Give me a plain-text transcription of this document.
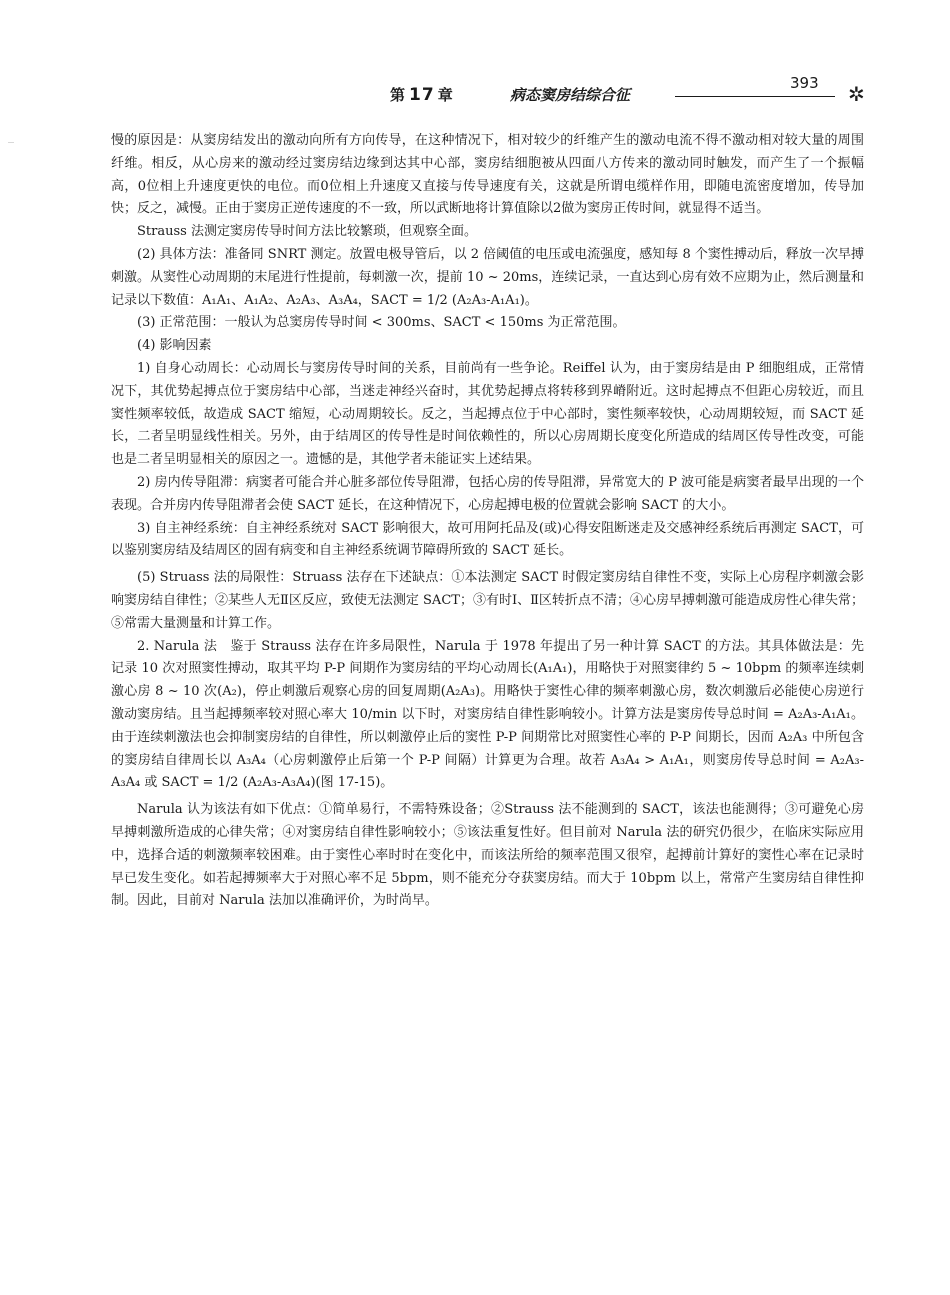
第 17 章	病态窦房结综合征
393 ✲

慢的原因是：从窦房结发出的激动向所有方向传导，在这种情况下，相对较少的纤维产生的激动电流不得不激动相对较大量的周围纤维。相反，从心房来的激动经过窦房结边缘到达其中心部，窦房结细胞被从四面八方传来的激动同时触发，而产生了一个振幅高，0位相上升速度更快的电位。而0位相上升速度又直接与传导速度有关，这就是所谓电缆样作用，即随电流密度增加，传导加快；反之，减慢。正由于窦房正逆传速度的不一致，所以武断地将计算值除以2做为窦房正传时间，就显得不适当。

Strauss 法测定窦房传导时间方法比较繁琐，但观察全面。

(2) 具体方法：准备同 SNRT 测定。放置电极导管后，以 2 倍阈值的电压或电流强度，感知每 8 个窦性搏动后，释放一次早搏刺激。从窦性心动周期的末尾进行性提前，每刺激一次，提前 10 ~ 20ms，连续记录，一直达到心房有效不应期为止，然后测量和记录以下数值：A₁A₁、A₁A₂、A₂A₃、A₃A₄，SACT = 1/2 (A₂A₃-A₁A₁)。

(3) 正常范围：一般认为总窦房传导时间 < 300ms、SACT < 150ms 为正常范围。

(4) 影响因素

1) 自身心动周长：心动周长与窦房传导时间的关系，目前尚有一些争论。Reiffel 认为，由于窦房结是由 P 细胞组成，正常情况下，其优势起搏点位于窦房结中心部，当迷走神经兴奋时，其优势起搏点将转移到界嵴附近。这时起搏点不但距心房较近，而且窦性频率较低，故造成 SACT 缩短，心动周期较长。反之，当起搏点位于中心部时，窦性频率较快，心动周期较短，而 SACT 延长，二者呈明显线性相关。另外，由于结周区的传导性是时间依赖性的，所以心房周期长度变化所造成的结周区传导性改变，可能也是二者呈明显相关的原因之一。遗憾的是，其他学者未能证实上述结果。

2) 房内传导阻滞：病窦者可能合并心脏多部位传导阻滞，包括心房的传导阻滞，异常宽大的 P 波可能是病窦者最早出现的一个表现。合并房内传导阻滞者会使 SACT 延长，在这种情况下，心房起搏电极的位置就会影响 SACT 的大小。

3) 自主神经系统：自主神经系统对 SACT 影响很大，故可用阿托品及(或)心得安阻断迷走及交感神经系统后再测定 SACT，可以鉴别窦房结及结周区的固有病变和自主神经系统调节障碍所致的 SACT 延长。

(5) Struass 法的局限性：Struass 法存在下述缺点：①本法测定 SACT 时假定窦房结自律性不变，实际上心房程序刺激会影响窦房结自律性；②某些人无Ⅱ区反应，致使无法测定 SACT；③有时Ⅰ、Ⅱ区转折点不清；④心房早搏刺激可能造成房性心律失常；⑤常需大量测量和计算工作。

2. Narula 法　鉴于 Strauss 法存在许多局限性，Narula 于 1978 年提出了另一种计算 SACT 的方法。其具体做法是：先记录 10 次对照窦性搏动，取其平均 P-P 间期作为窦房结的平均心动周长(A₁A₁)，用略快于对照窦律约 5 ~ 10bpm 的频率连续刺激心房 8 ~ 10 次(A₂)，停止刺激后观察心房的回复周期(A₂A₃)。用略快于窦性心律的频率刺激心房，数次刺激后必能使心房逆行激动窦房结。且当起搏频率较对照心率大 10/min 以下时，对窦房结自律性影响较小。计算方法是窦房传导总时间 = A₂A₃-A₁A₁。由于连续刺激法也会抑制窦房结的自律性，所以刺激停止后的窦性 P-P 间期常比对照窦性心率的 P-P 间期长，因而 A₂A₃ 中所包含的窦房结自律周长以 A₃A₄（心房刺激停止后第一个 P-P 间隔）计算更为合理。故若 A₃A₄ > A₁A₁，则窦房传导总时间 = A₂A₃-A₃A₄ 或 SACT = 1/2 (A₂A₃-A₃A₄)(图 17-15)。

Narula 认为该法有如下优点：①简单易行，不需特殊设备；②Strauss 法不能测到的 SACT，该法也能测得；③可避免心房早搏刺激所造成的心律失常；④对窦房结自律性影响较小；⑤该法重复性好。但目前对 Narula 法的研究仍很少，在临床实际应用中，选择合适的刺激频率较困难。由于窦性心率时时在变化中，而该法所给的频率范围又很窄，起搏前计算好的窦性心率在记录时早已发生变化。如若起搏频率大于对照心率不足 5bpm，则不能充分夺获窦房结。而大于 10bpm 以上，常常产生窦房结自律性抑制。因此，目前对 Narula 法加以准确评价，为时尚早。
